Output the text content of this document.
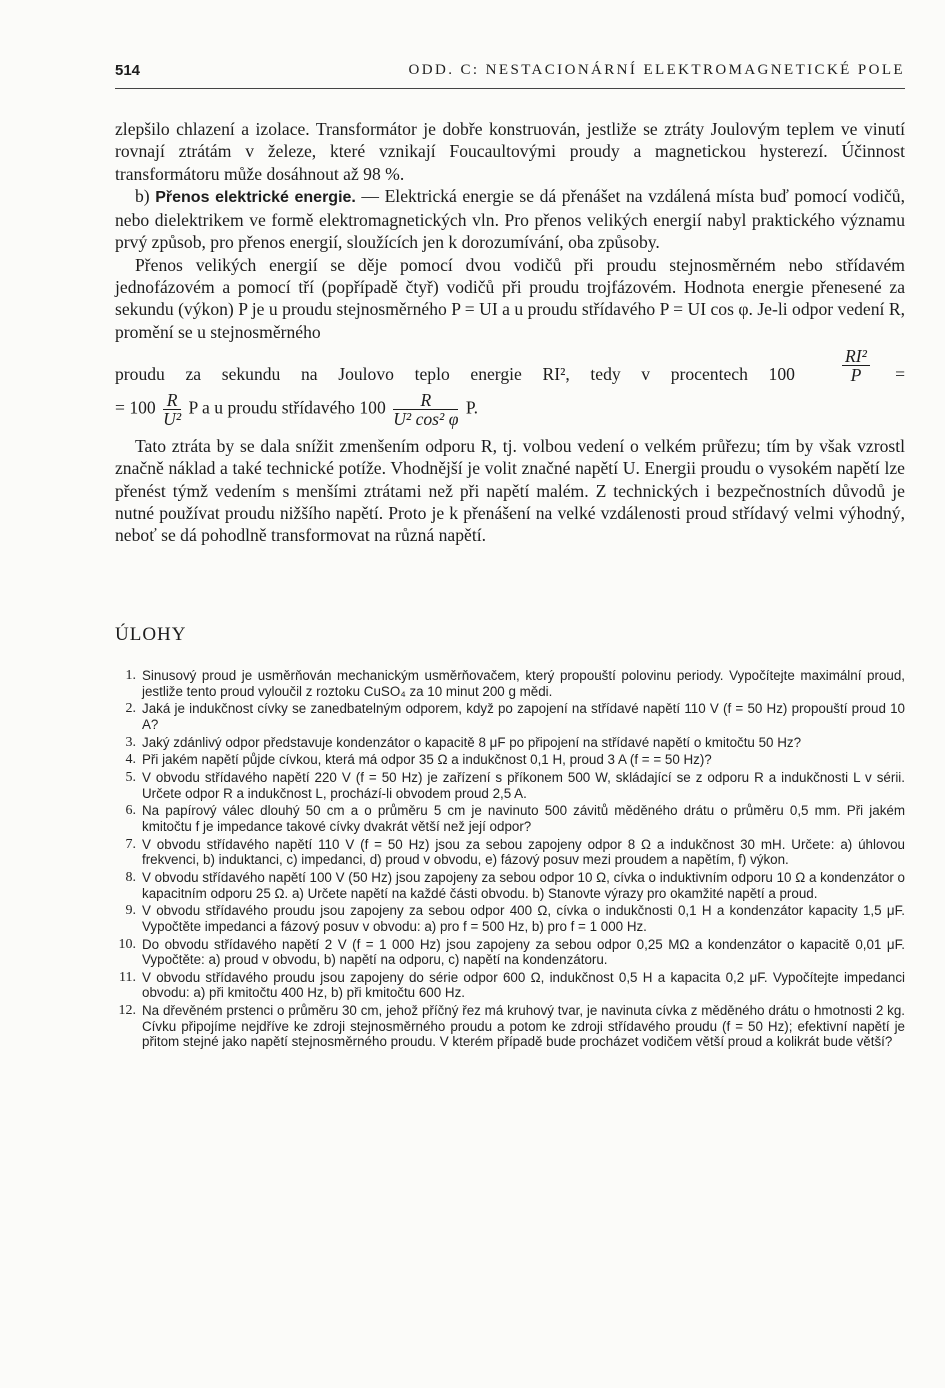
514	ODD. C: NESTACIONÁRNÍ ELEKTROMAGNETICKÉ POLE

zlepšilo chlazení a izolace. Transformátor je dobře konstruován, jestliže se ztráty Joulovým teplem ve vinutí rovnají ztrátám v železe, které vznikají Foucaultovými proudy a magnetickou hysterezí. Účinnost transformátoru může dosáhnout až 98 %.

b) Přenos elektrické energie. — Elektrická energie se dá přenášet na vzdálená místa buď pomocí vodičů, nebo dielektrikem ve formě elektromagnetických vln. Pro přenos velikých energií nabyl praktického významu prvý způsob, pro přenos energií, sloužících jen k dorozumívání, oba způsoby.

Přenos velikých energií se děje pomocí dvou vodičů při proudu stejnosměrném nebo střídavém jednofázovém a pomocí tří (popřípadě čtyř) vodičů při proudu trojfázovém. Hodnota energie přenesené za sekundu (výkon) P je u proudu stejnosměrného P = UI a u proudu střídavého P = UI cos φ. Je-li odpor vedení R, promění se u stejnosměrného

proudu za sekundu na Joulovo teplo energie RI², tedy v procentech 100	$\frac{\text{RI²}}{P}$ =
= $100 \frac{R}{\text{U²}}$ P a u proudu střídavého $100 \frac{R}{\text{U² cos² φ}} P$.

Tato ztráta by se dala snížit zmenšením odporu R, tj. volbou vedení o velkém průřezu; tím by však vzrostl značně náklad a také technické potíže. Vhodnější je volit značné napětí U. Energii proudu o vysokém napětí lze přenést týmž vedením s menšími ztrátami než při napětí malém. Z technických i bezpečnostních důvodů je nutné používat proudu nižšího napětí. Proto je k přenášení na velké vzdálenosti proud střídavý velmi výhodný, neboť se dá pohodlně transformovat na různá napětí.

ÚLOHY
1. Sinusový proud je usměrňován mechanickým usměrňovačem, který propouští polovinu periody. Vypočítejte maximální proud, jestliže tento proud vyloučil z roztoku CuSO₄ za 10 minut 200 g mědi.
2. Jaká je indukčnost cívky se zanedbatelným odporem, když po zapojení na střídavé napětí 110 V (f = 50 Hz) propouští proud 10 A?
3. Jaký zdánlivý odpor představuje kondenzátor o kapacitě 8 μF po připojení na střídavé napětí o kmitočtu 50 Hz?
4. Při jakém napětí půjde cívkou, která má odpor 35 Ω a indukčnost 0,1 H, proud 3 A (f = = 50 Hz)?
5. V obvodu střídavého napětí 220 V (f = 50 Hz) je zařízení s příkonem 500 W, skládající se z odporu R a indukčnosti L v sérii. Určete odpor R a indukčnost L, prochází-li obvodem proud 2,5 A.
6. Na papírový válec dlouhý 50 cm a o průměru 5 cm je navinuto 500 závitů měděného drátu o průměru 0,5 mm. Při jakém kmitočtu f je impedance takové cívky dvakrát větší než její odpor?
7. V obvodu střídavého napětí 110 V (f = 50 Hz) jsou za sebou zapojeny odpor 8 Ω a indukčnost 30 mH. Určete: a) úhlovou frekvenci, b) induktanci, c) impedanci, d) proud v obvodu, e) fázový posuv mezi proudem a napětím, f) výkon.
8. V obvodu střídavého napětí 100 V (50 Hz) jsou zapojeny za sebou odpor 10 Ω, cívka o induktivním odporu 10 Ω a kondenzátor o kapacitním odporu 25 Ω. a) Určete napětí na každé části obvodu. b) Stanovte výrazy pro okamžité napětí a proud.
9. V obvodu střídavého proudu jsou zapojeny za sebou odpor 400 Ω, cívka o indukčnosti 0,1 H a kondenzátor kapacity 1,5 μF. Vypočtěte impedanci a fázový posuv v obvodu: a) pro f = 500 Hz, b) pro f = 1 000 Hz.
10. Do obvodu střídavého napětí 2 V (f = 1 000 Hz) jsou zapojeny za sebou odpor 0,25 MΩ a kondenzátor o kapacitě 0,01 μF. Vypočtěte: a) proud v obvodu, b) napětí na odporu, c) napětí na kondenzátoru.
11. V obvodu střídavého proudu jsou zapojeny do série odpor 600 Ω, indukčnost 0,5 H a kapacita 0,2 μF. Vypočítejte impedanci obvodu: a) při kmitočtu 400 Hz, b) při kmitočtu 600 Hz.
12. Na dřevěném prstenci o průměru 30 cm, jehož příčný řez má kruhový tvar, je navinuta cívka z měděného drátu o hmotnosti 2 kg. Cívku připojíme nejdříve ke zdroji stejnosměrného proudu a potom ke zdroji střídavého proudu (f = 50 Hz); efektivní napětí je přitom stejné jako napětí stejnosměrného proudu. V kterém případě bude procházet vodičem větší proud a kolikrát bude větší?
